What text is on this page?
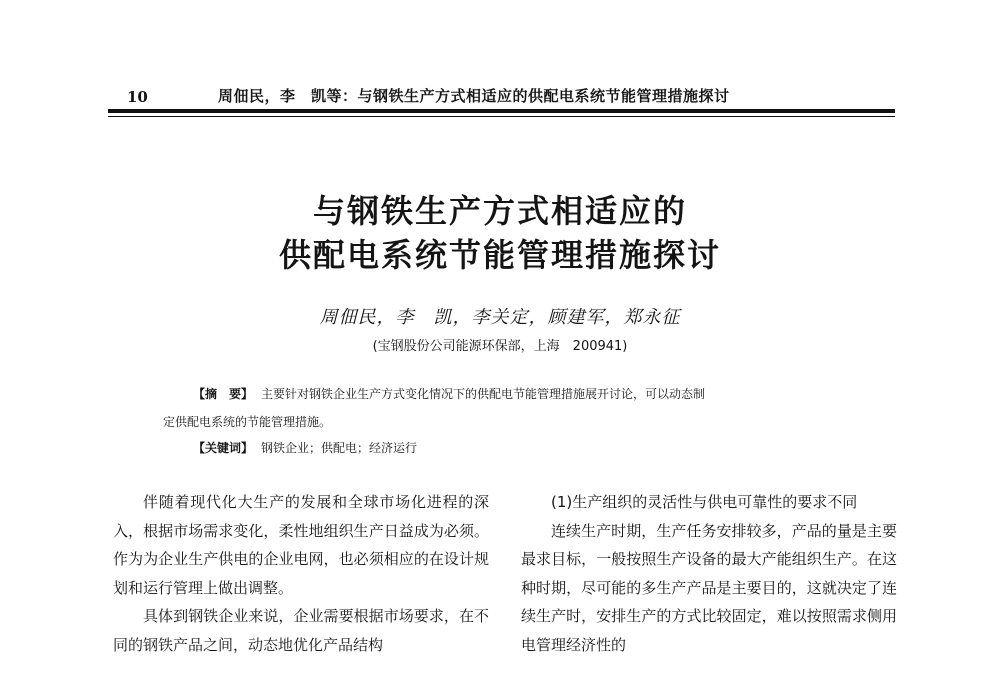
10	周佃民，李　凯等：与钢铁生产方式相适应的供配电系统节能管理措施探讨
与钢铁生产方式相适应的
供配电系统节能管理措施探讨
周佃民，李　凯，李关定，顾建军，郑永征
(宝钢股份公司能源环保部，上海　200941)
【摘　要】 主要针对钢铁企业生产方式变化情况下的供配电节能管理措施展开讨论，可以动态制
定供配电系统的节能管理措施。
【关键词】 钢铁企业；供配电；经济运行

伴随着现代化大生产的发展和全球市场化进程的深入，根据市场需求变化，柔性地组织生产日益成为必须。作为为企业生产供电的企业电网，也必须相应的在设计规划和运行管理上做出调整。

具体到钢铁企业来说，企业需要根据市场要求，在不同的钢铁产品之间，动态地优化产品结构

(1)生产组织的灵活性与供电可靠性的要求不同

连续生产时期，生产任务安排较多，产品的量是主要最求目标，一般按照生产设备的最大产能组织生产。在这种时期，尽可能的多生产产品是主要目的，这就决定了连续生产时，安排生产的方式比较固定，难以按照需求侧用电管理经济性的
